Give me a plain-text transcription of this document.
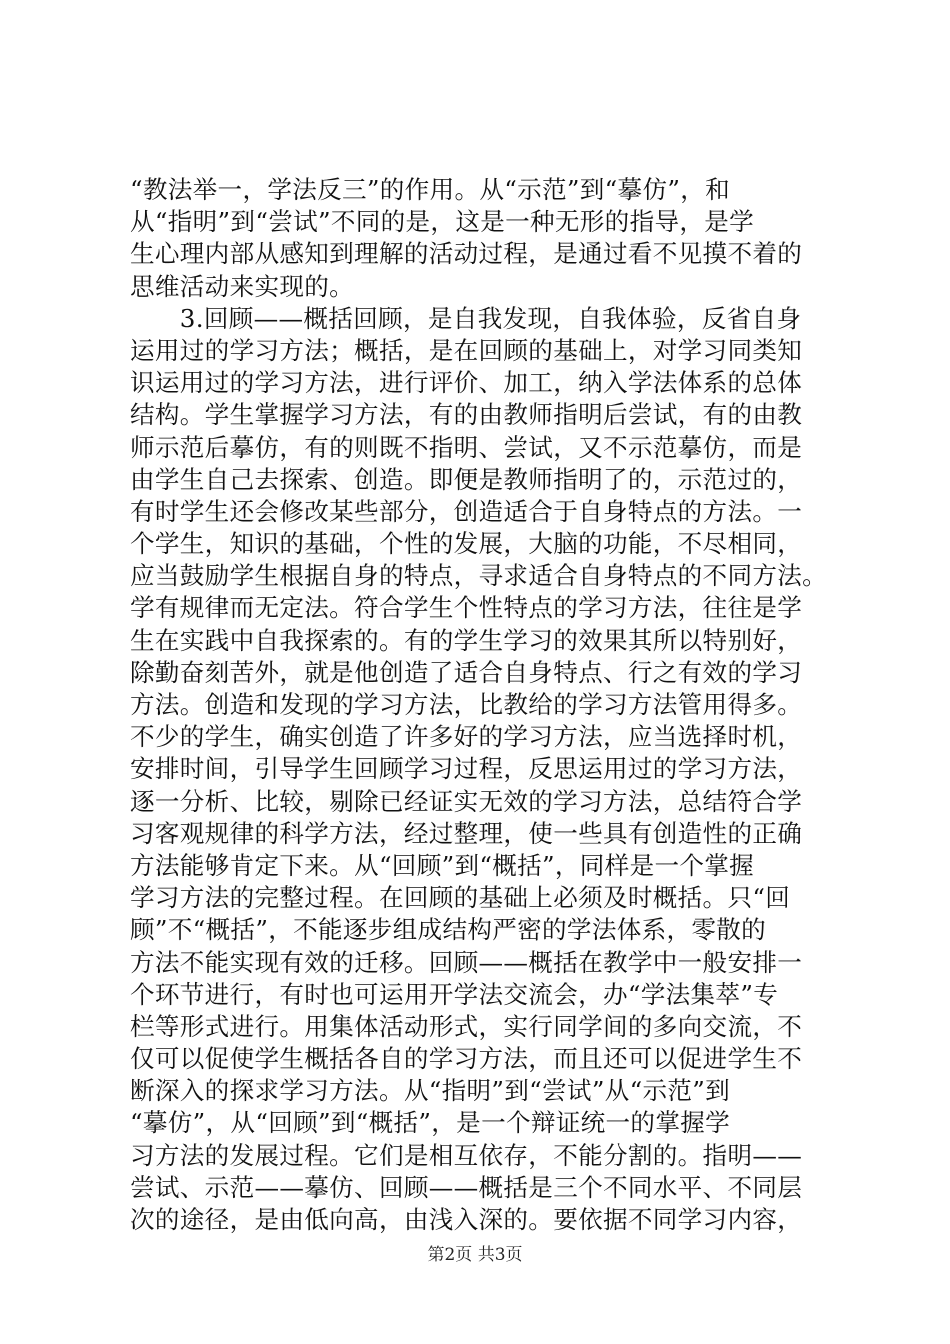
“教法举一，学法反三”的作用。从“示范”到“摹仿”，和
从“指明”到“尝试”不同的是，这是一种无形的指导，是学
生心理内部从感知到理解的活动过程，是通过看不见摸不着的
思维活动来实现的。
　　3.回顾——概括回顾，是自我发现，自我体验，反省自身
运用过的学习方法；概括，是在回顾的基础上，对学习同类知
识运用过的学习方法，进行评价、加工，纳入学法体系的总体
结构。学生掌握学习方法，有的由教师指明后尝试，有的由教
师示范后摹仿，有的则既不指明、尝试，又不示范摹仿，而是
由学生自己去探索、创造。即便是教师指明了的，示范过的，
有时学生还会修改某些部分，创造适合于自身特点的方法。一
个学生，知识的基础，个性的发展，大脑的功能，不尽相同，
应当鼓励学生根据自身的特点，寻求适合自身特点的不同方法。
学有规律而无定法。符合学生个性特点的学习方法，往往是学
生在实践中自我探索的。有的学生学习的效果其所以特别好，
除勤奋刻苦外，就是他创造了适合自身特点、行之有效的学习
方法。创造和发现的学习方法，比教给的学习方法管用得多。
不少的学生，确实创造了许多好的学习方法，应当选择时机，
安排时间，引导学生回顾学习过程，反思运用过的学习方法，
逐一分析、比较，剔除已经证实无效的学习方法，总结符合学
习客观规律的科学方法，经过整理，使一些具有创造性的正确
方法能够肯定下来。从“回顾”到“概括”，同样是一个掌握
学习方法的完整过程。在回顾的基础上必须及时概括。只“回
顾”不“概括”，不能逐步组成结构严密的学法体系，零散的
方法不能实现有效的迁移。回顾——概括在教学中一般安排一
个环节进行，有时也可运用开学法交流会，办“学法集萃”专
栏等形式进行。用集体活动形式，实行同学间的多向交流，不
仅可以促使学生概括各自的学习方法，而且还可以促进学生不
断深入的探求学习方法。从“指明”到“尝试”从“示范”到
“摹仿”，从“回顾”到“概括”，是一个辩证统一的掌握学
习方法的发展过程。它们是相互依存，不能分割的。指明——
尝试、示范——摹仿、回顾——概括是三个不同水平、不同层
次的途径，是由低向高，由浅入深的。要依据不同学习内容，
第2页 共3页
